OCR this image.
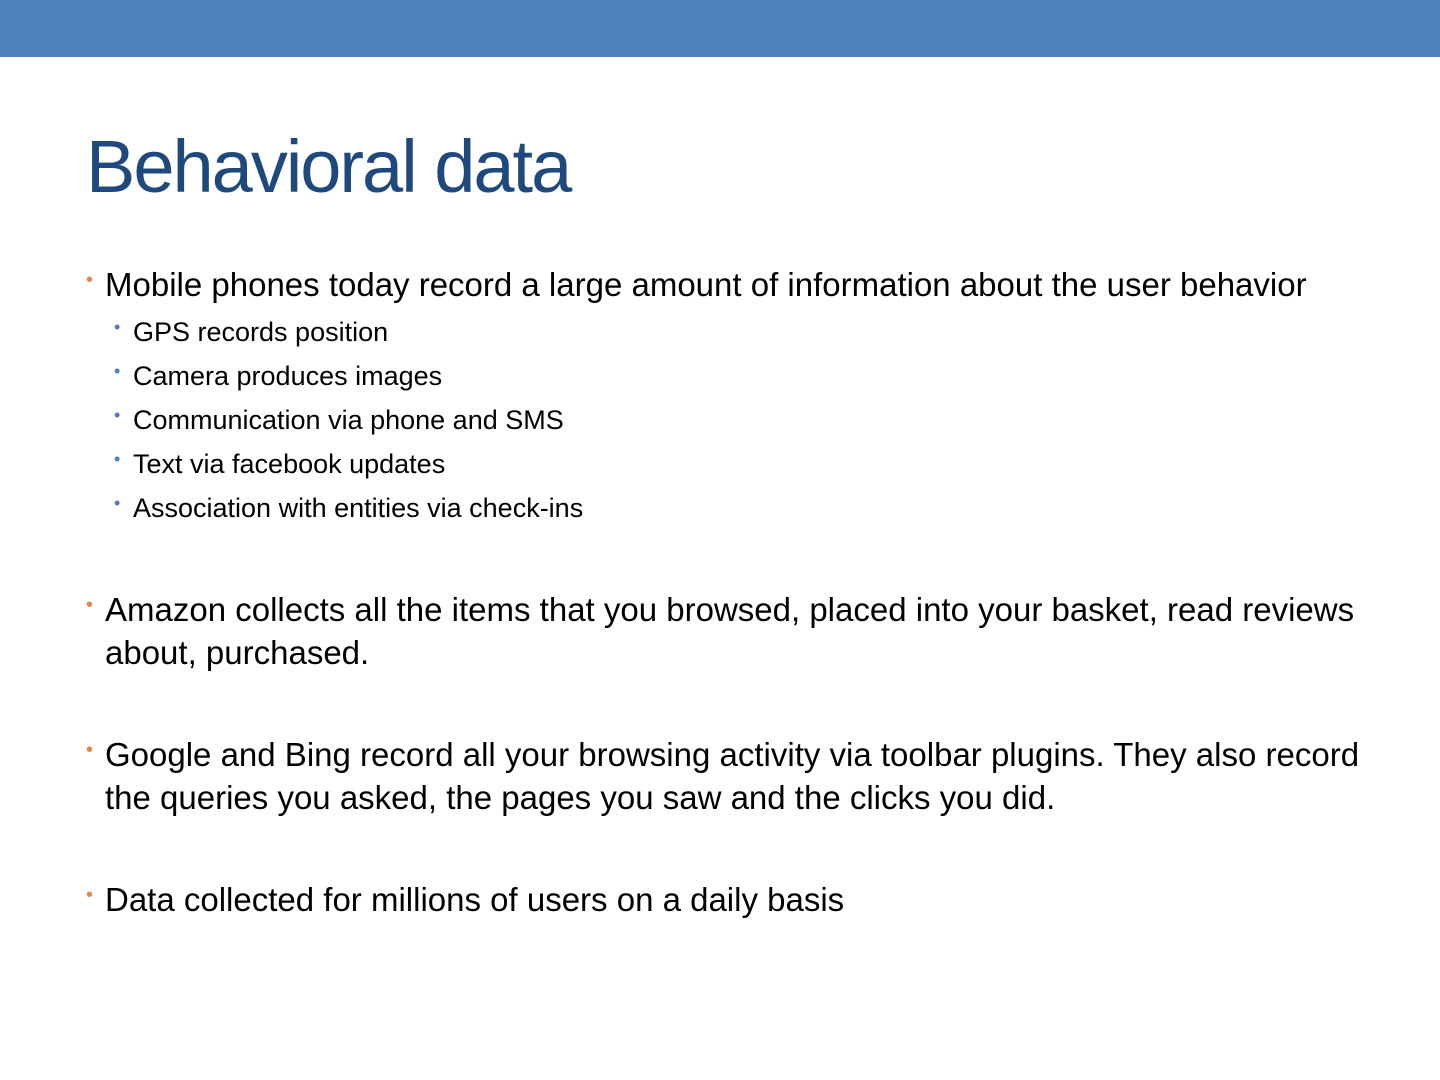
Behavioral data
• Mobile phones today record a large amount of information about the user behavior
• GPS records position
• Camera produces images
• Communication via phone and SMS
• Text via facebook updates
• Association with entities via check-ins
• Amazon collects all the items that you browsed, placed into your basket, read reviews about, purchased.
• Google and Bing record all your browsing activity via toolbar plugins. They also record the queries you asked, the pages you saw and the clicks you did.
• Data collected for millions of users on a daily basis
